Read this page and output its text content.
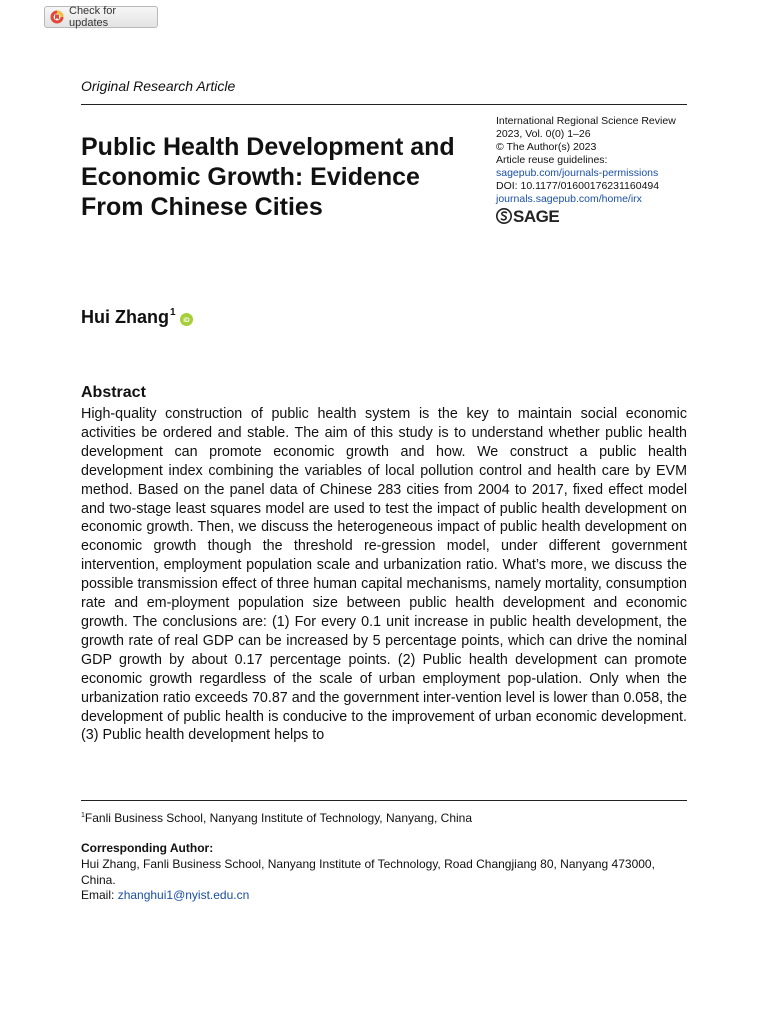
Check for updates
Original Research Article
Public Health Development and Economic Growth: Evidence From Chinese Cities
International Regional Science Review
2023, Vol. 0(0) 1–26
© The Author(s) 2023
Article reuse guidelines:
sagepub.com/journals-permissions
DOI: 10.1177/01600176231160494
journals.sagepub.com/home/irx
SAGE
Hui Zhang$^1$
iD
Abstract

High-quality construction of public health system is the key to maintain social economic activities be ordered and stable. The aim of this study is to understand whether public health development can promote economic growth and how. We construct a public health development index combining the variables of local pollution control and health care by EVM method. Based on the panel data of Chinese 283 cities from 2004 to 2017, fixed effect model and two-stage least squares model are used to test the impact of public health development on economic growth. Then, we discuss the heterogeneous impact of public health development on economic growth though the threshold re-gression model, under different government intervention, employment population scale and urbanization ratio. What’s more, we discuss the possible transmission effect of three human capital mechanisms, namely mortality, consumption rate and em-ployment population size between public health development and economic growth. The conclusions are: (1) For every 0.1 unit increase in public health development, the growth rate of real GDP can be increased by 5 percentage points, which can drive the nominal GDP growth by about 0.17 percentage points. (2) Public health development can promote economic growth regardless of the scale of urban employment pop-ulation. Only when the urbanization ratio exceeds 70.87 and the government inter-vention level is lower than 0.058, the development of public health is conducive to the improvement of urban economic development. (3) Public health development helps to

$^1$Fanli Business School, Nanyang Institute of Technology, Nanyang, China
Corresponding Author:
Hui Zhang, Fanli Business School, Nanyang Institute of Technology, Road Changjiang 80, Nanyang 473000, China.
Email: zhanghui1@nyist.edu.cn
